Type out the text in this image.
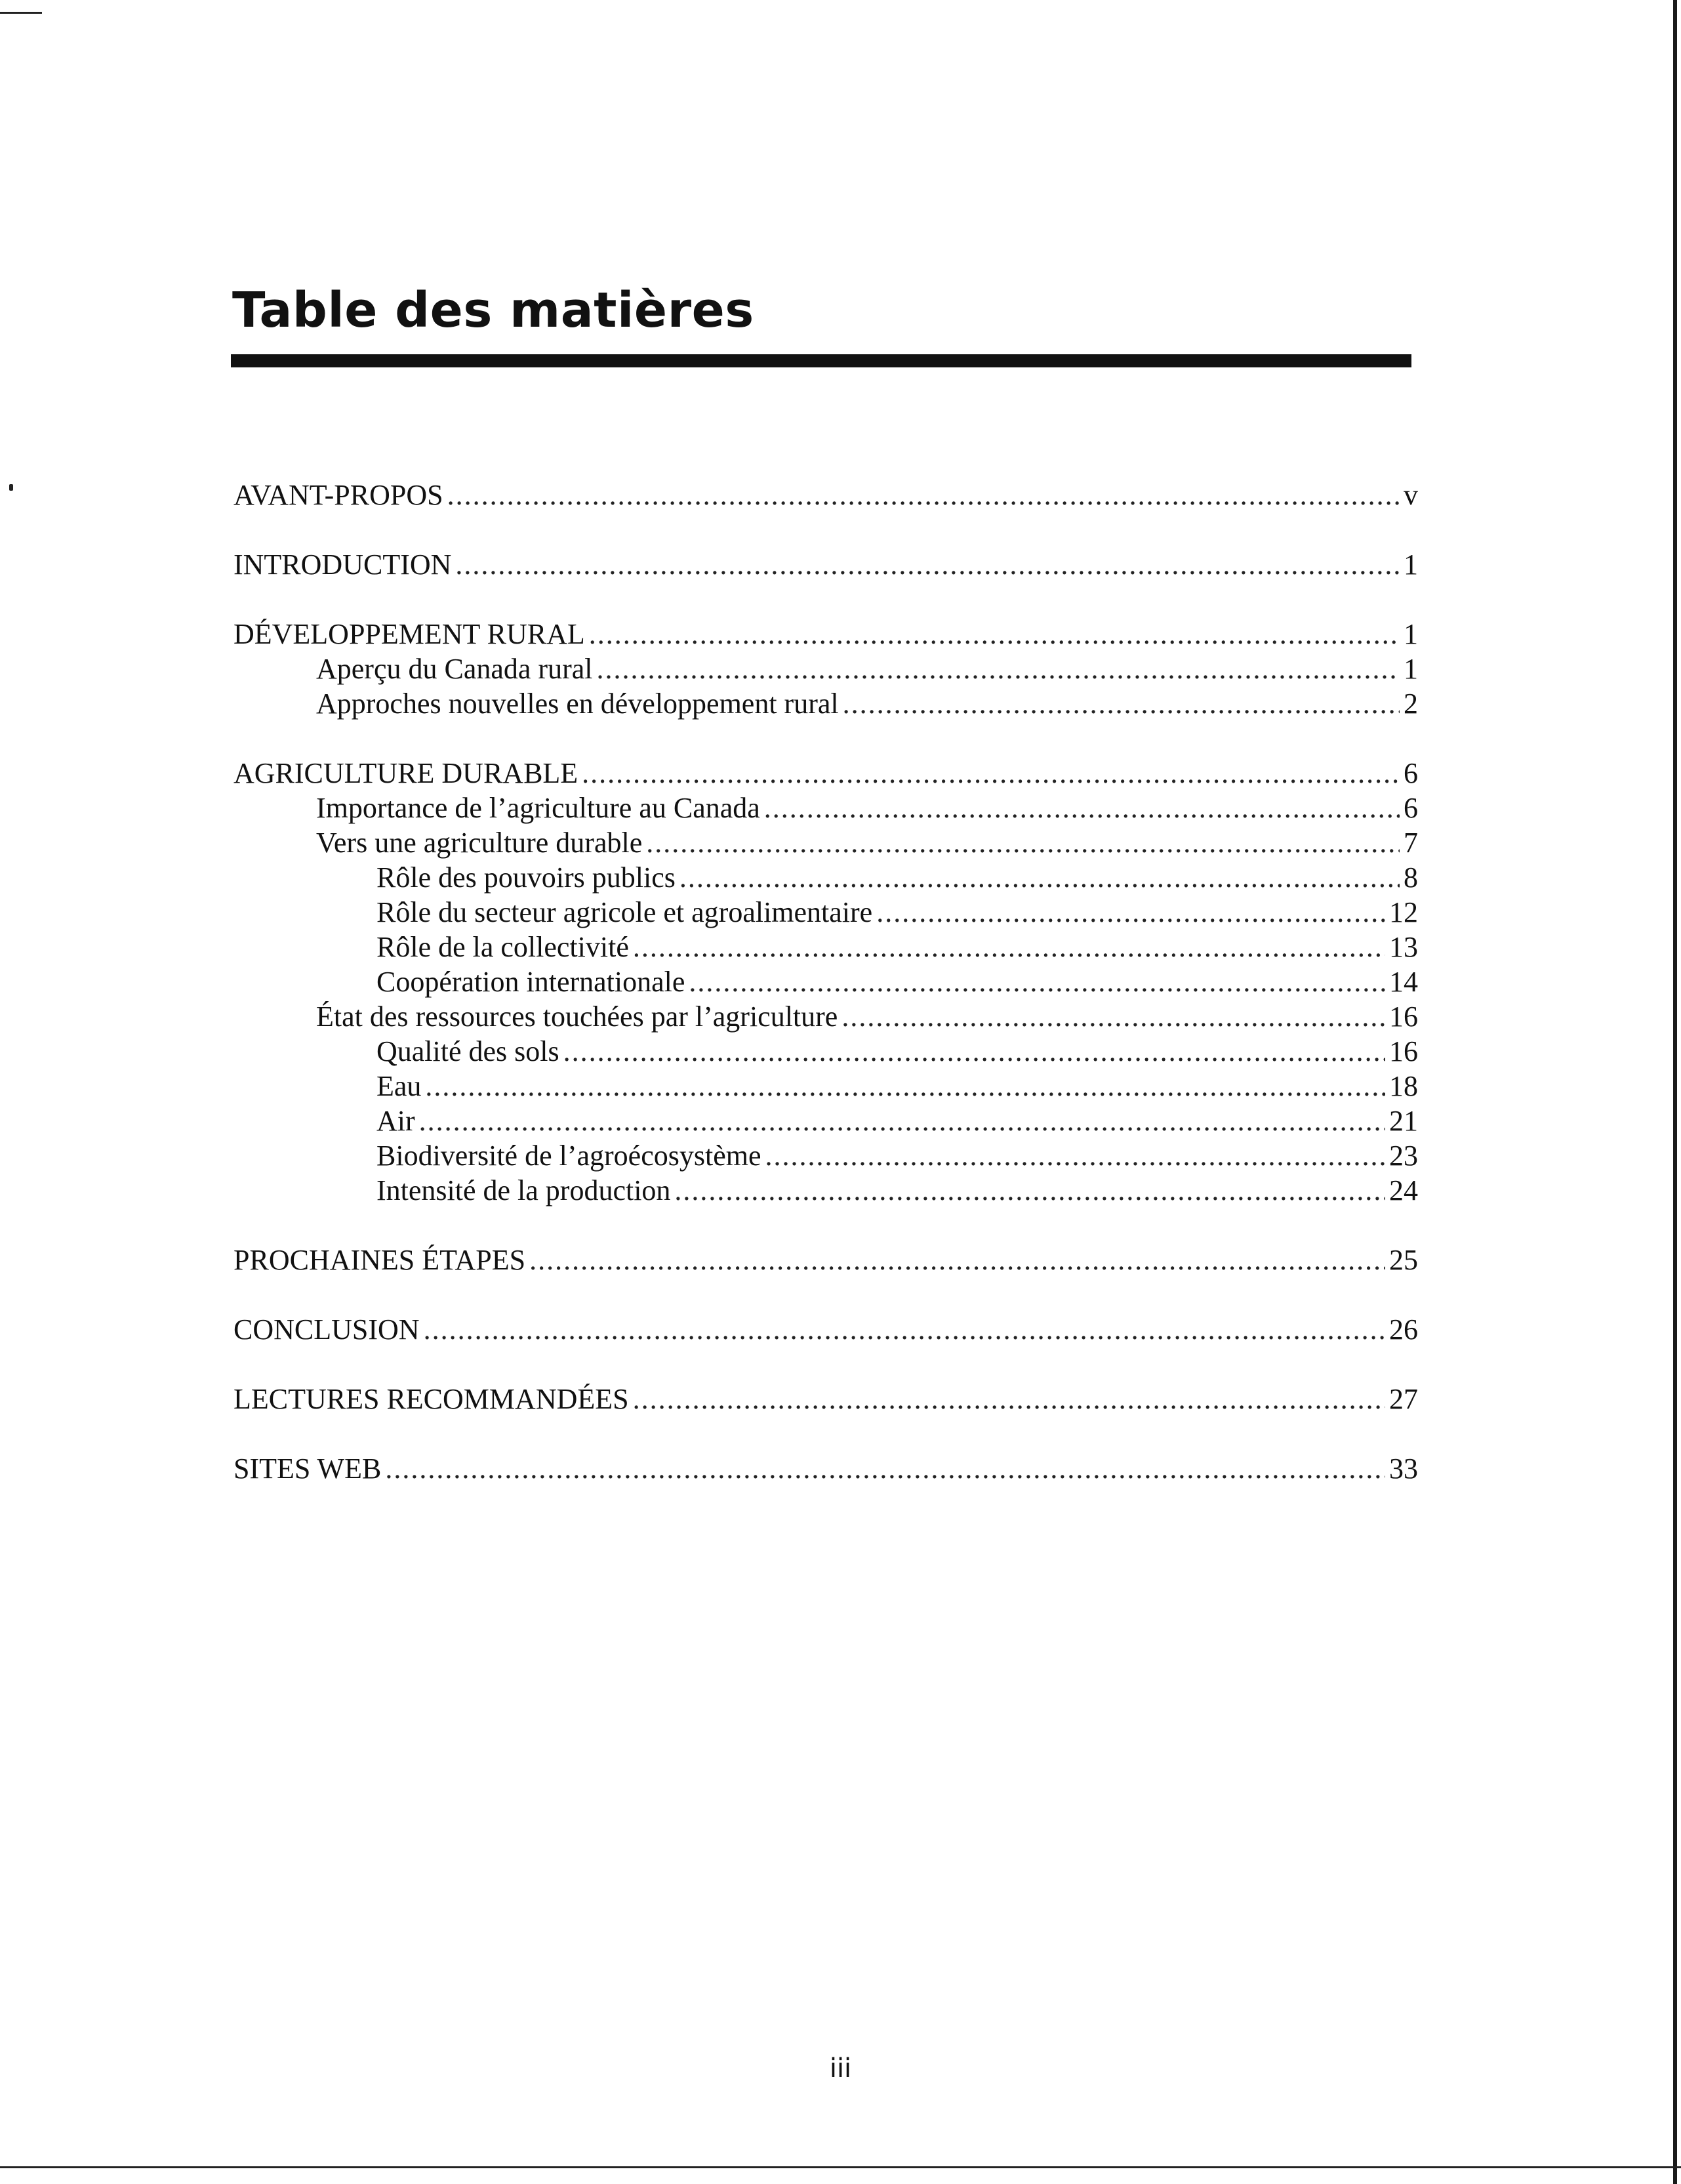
Table des matières
AVANT-PROPOS .....	v
INTRODUCTION .....	1
DÉVELOPPEMENT RURAL .....	1
Aperçu du Canada rural .....	1
Approches nouvelles en développement rural .....	2
AGRICULTURE DURABLE .....	6
Importance de l’agriculture au Canada .....	6
Vers une agriculture durable .....	7
Rôle des pouvoirs publics .....	8
Rôle du secteur agricole et agroalimentaire .....	12
Rôle de la collectivité .....	13
Coopération internationale .....	14
État des ressources touchées par l’agriculture .....	16
Qualité des sols .....	16
Eau .....	18
Air .....	21
Biodiversité de l’agroécosystème .....	23
Intensité de la production .....	24
PROCHAINES ÉTAPES .....	25
CONCLUSION .....	26
LECTURES RECOMMANDÉES .....	27
SITES WEB .....	33
iii
